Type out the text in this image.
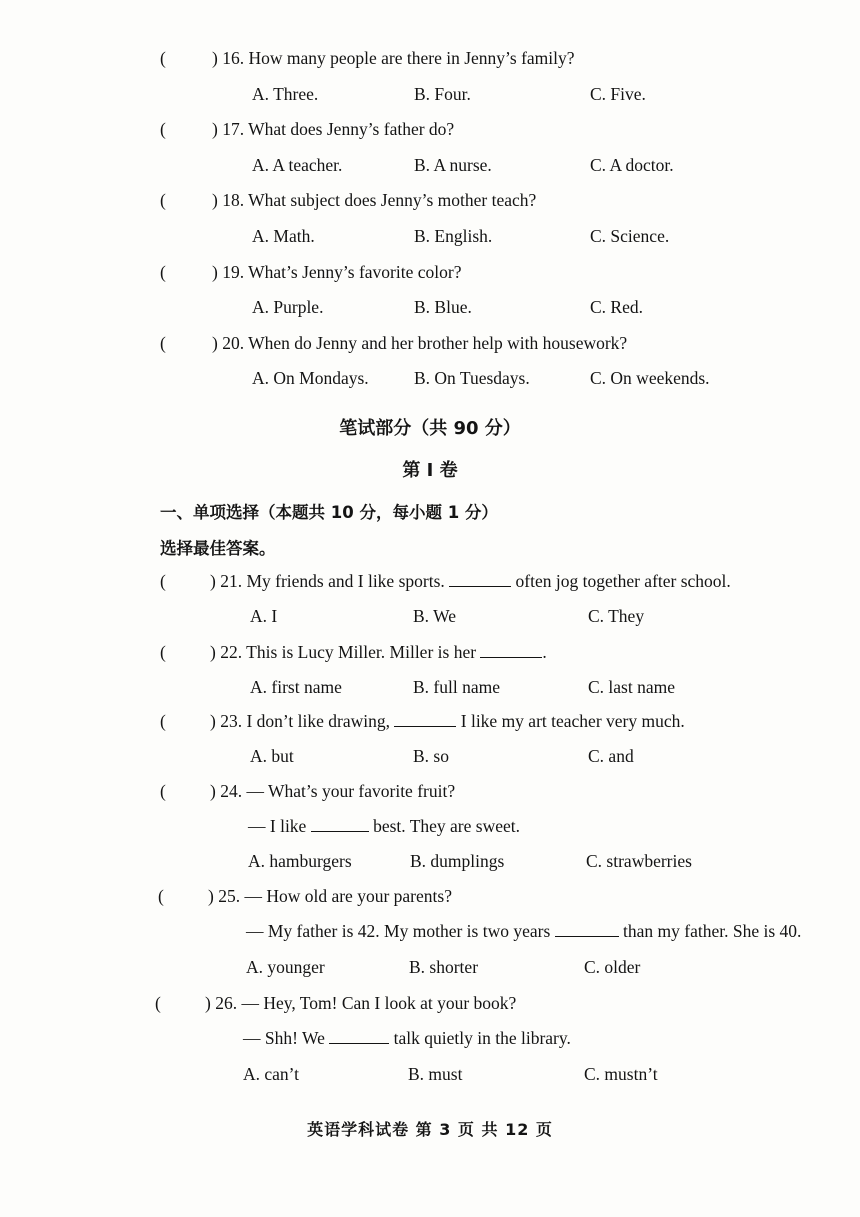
(	) 16. How many people are there in Jenny’s family?
A. Three.	B. Four.	C. Five.
(	) 17. What does Jenny’s father do?
A. A teacher.	B. A nurse.	C. A doctor.
(	) 18. What subject does Jenny’s mother teach?
A. Math.	B. English.	C. Science.
(	) 19. What’s Jenny’s favorite color?
A. Purple.	B. Blue.	C. Red.
(	) 20. When do Jenny and her brother help with housework?
A. On Mondays.	B. On Tuesdays.	C. On weekends.
笔试部分（共 90 分）
第 I 卷
一、单项选择（本题共 10 分，每小题 1 分）
选择最佳答案。
(	) 21. My friends and I like sports.	often jog together after school.
A. I	B. We	C. They
(	) 22. This is Lucy Miller. Miller is her	.
A. first name	B. full name	C. last name
(	) 23. I don’t like drawing,	I like my art teacher very much.
A. but	B. so	C. and
(	) 24. — What’s your favorite fruit?
— I like	best. They are sweet.
A. hamburgers	B. dumplings	C. strawberries
(	) 25. — How old are your parents?
— My father is 42. My mother is two years	than my father. She is 40.
A. younger	B. shorter	C. older
(	) 26. — Hey, Tom! Can I look at your book?
— Shh! We	talk quietly in the library.
A. can’t	B. must	C. mustn’t
英语学科试卷 第 3 页 共 12 页
